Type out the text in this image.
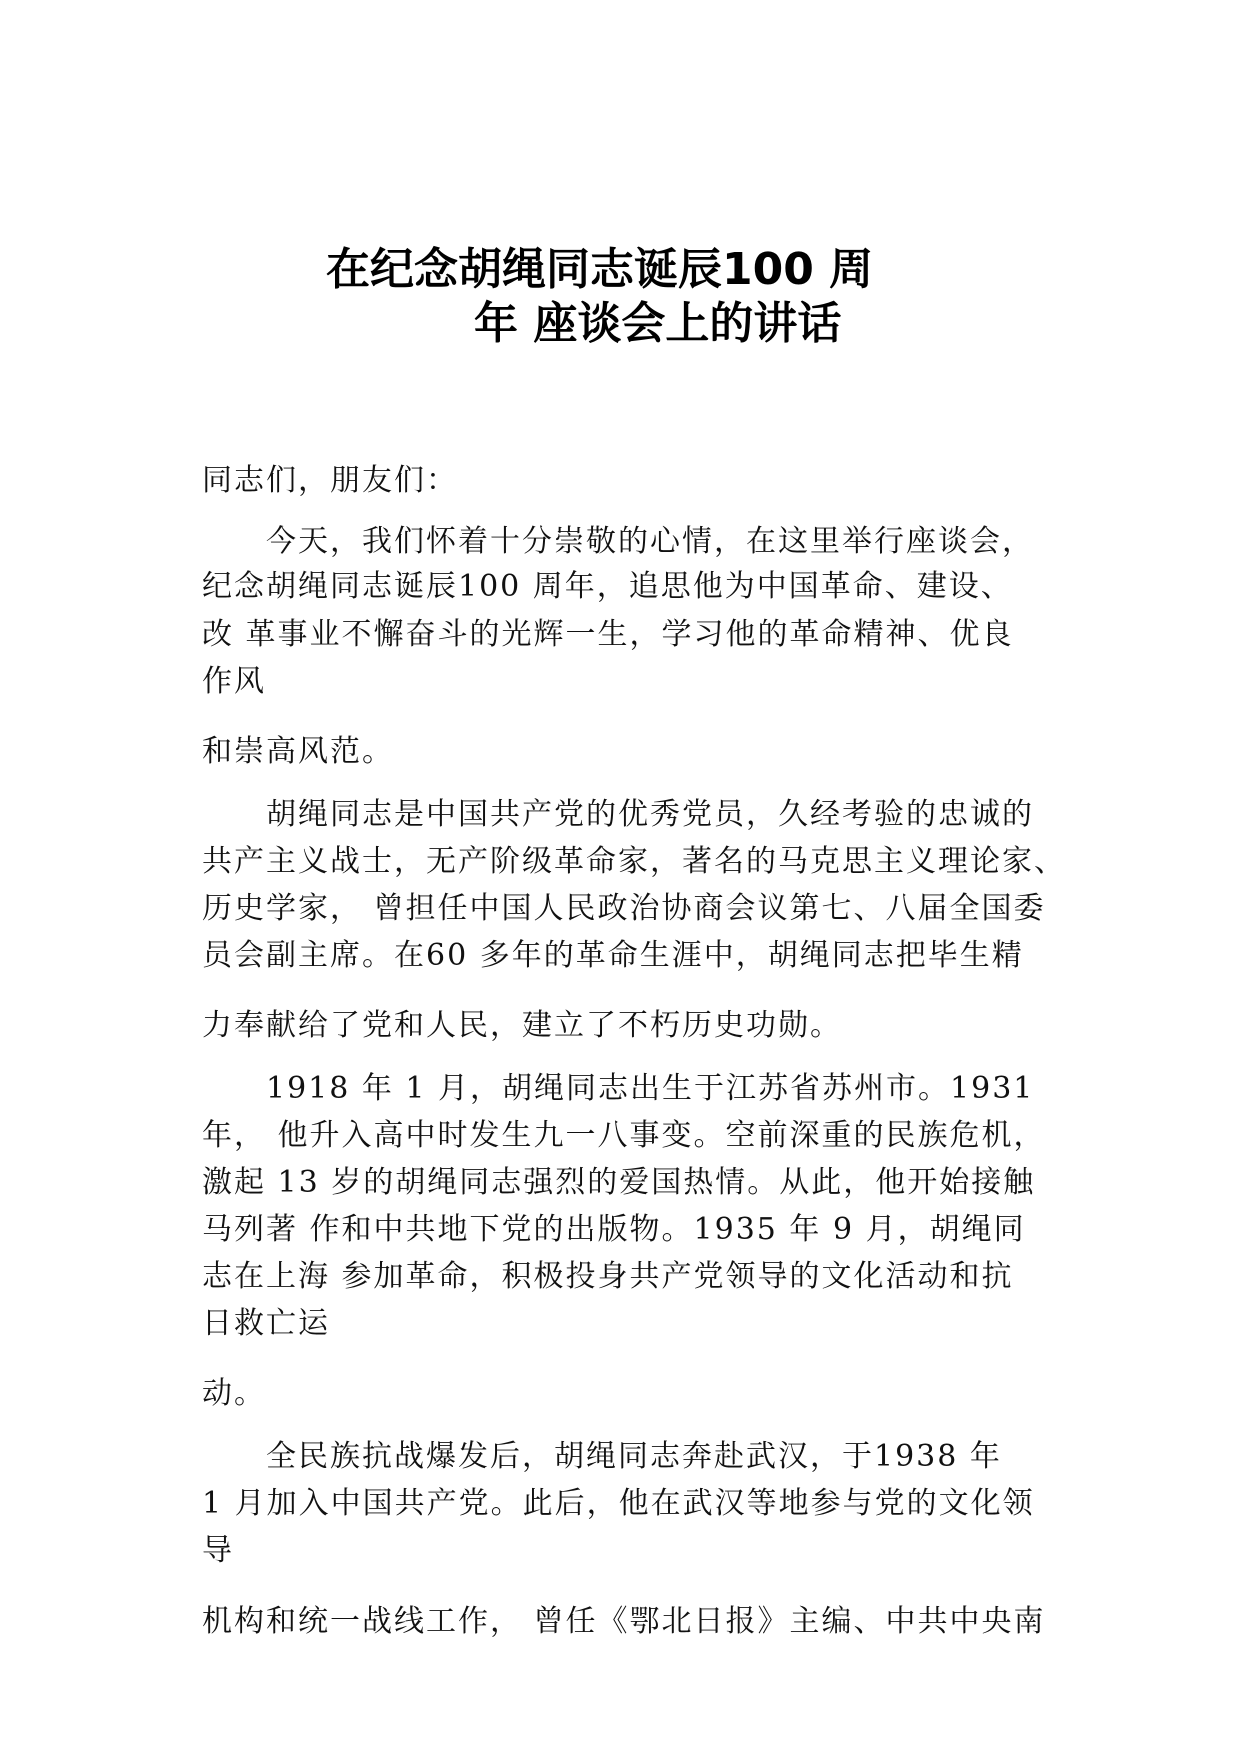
在纪念胡绳同志诞辰100 周
年 座谈会上的讲话
同志们，朋友们：
今天，我们怀着十分崇敬的心情，在这里举行座谈会，
纪念胡绳同志诞辰100 周年，追思他为中国革命、建设、
改 革事业不懈奋斗的光辉一生，学习他的革命精神、优良
作风
和崇高风范。
胡绳同志是中国共产党的优秀党员，久经考验的忠诚的
共产主义战士，无产阶级革命家，著名的马克思主义理论家、
历史学家， 曾担任中国人民政治协商会议第七、八届全国委
员会副主席。在60 多年的革命生涯中，胡绳同志把毕生精
力奉献给了党和人民，建立了不朽历史功勋。
1918 年 1 月，胡绳同志出生于江苏省苏州市。1931
年， 他升入高中时发生九一八事变。空前深重的民族危机，
激起 13 岁的胡绳同志强烈的爱国热情。从此，他开始接触
马列著 作和中共地下党的出版物。1935 年 9 月，胡绳同
志在上海 参加革命，积极投身共产党领导的文化活动和抗
日救亡运
动。
全民族抗战爆发后，胡绳同志奔赴武汉，于1938 年
1 月加入中国共产党。此后，他在武汉等地参与党的文化领
导
机构和统一战线工作， 曾任《鄂北日报》主编、中共中央南
